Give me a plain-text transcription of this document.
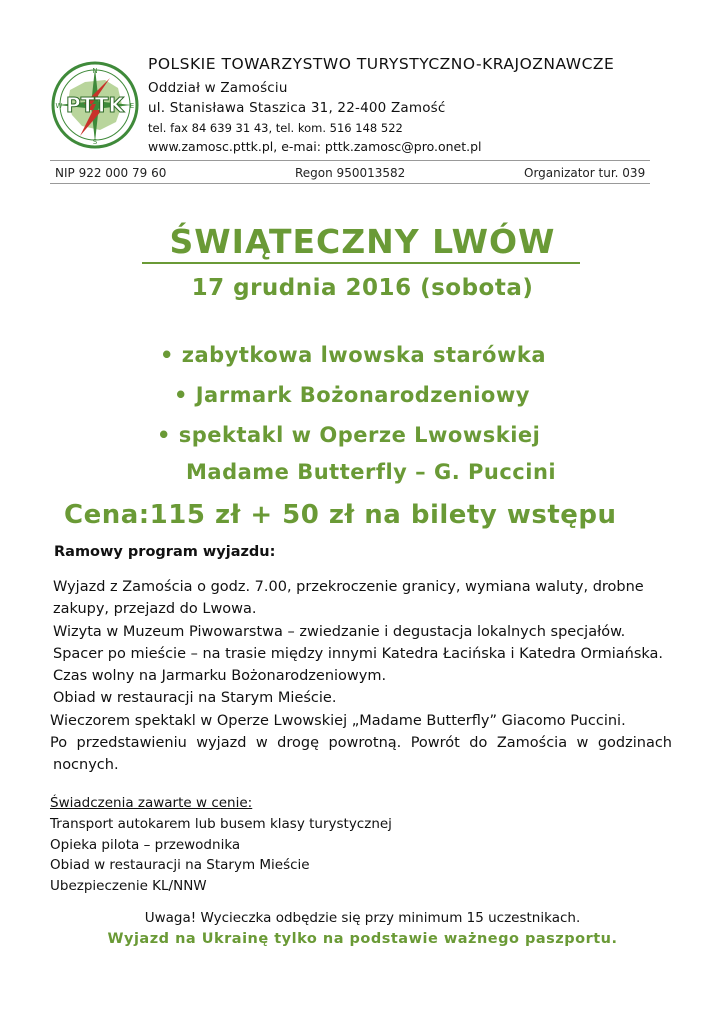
N
E
S
W PTTK
POLSKIE TOWARZYSTWO TURYSTYCZNO-KRAJOZNAWCZE
Oddział w Zamościu
ul. Stanisława Staszica 31, 22-400 Zamość
tel. fax 84 639 31 43, tel. kom. 516 148 522
www.zamosc.pttk.pl, e-mai: pttk.zamosc@pro.onet.pl
NIP 922 000 79 60	Regon 950013582	Organizator tur. 039
ŚWIĄTECZNY LWÓW
17 grudnia 2016 (sobota)
• zabytkowa lwowska starówka
• Jarmark Bożonarodzeniowy
• spektakl w Operze Lwowskiej
Madame Butterfly – G. Puccini
Cena:115 zł + 50 zł na bilety wstępu
Ramowy program wyjazdu:
Wyjazd z Zamościa o godz. 7.00, przekroczenie granicy, wymiana waluty, drobne
zakupy, przejazd do Lwowa.
Wizyta w Muzeum Piwowarstwa – zwiedzanie i degustacja lokalnych specjałów.
Spacer po mieście – na trasie między innymi Katedra Łacińska i Katedra Ormiańska.
Czas wolny na Jarmarku Bożonarodzeniowym.
Obiad w restauracji na Starym Mieście.
Wieczorem spektakl w Operze Lwowskiej „Madame Butterfly” Giacomo Puccini.
Po przedstawieniu wyjazd w drogę powrotną. Powrót do Zamościa w godzinach
nocnych.
Świadczenia zawarte w cenie:
Transport autokarem lub busem klasy turystycznej
Opieka pilota – przewodnika
Obiad w restauracji na Starym Mieście
Ubezpieczenie KL/NNW
Uwaga! Wycieczka odbędzie się przy minimum 15 uczestnikach.
Wyjazd na Ukrainę tylko na podstawie ważnego paszportu.
